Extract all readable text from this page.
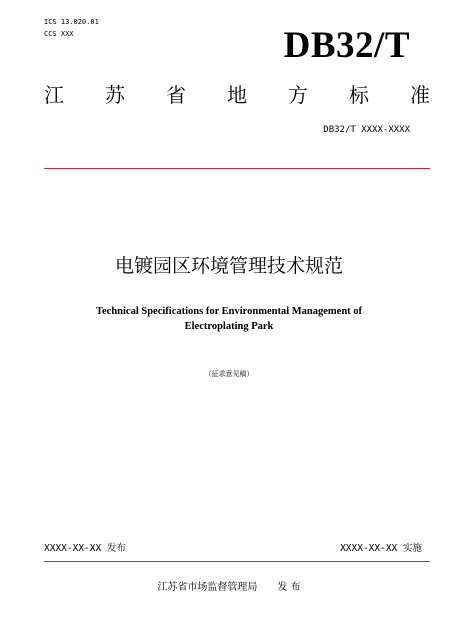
ICS 13.020.01
CCS XXX	DB32/T
江 苏 省 地 方 标 准
DB32/T XXXX-XXXX
电镀园区环境管理技术规范
Technical Specifications for Environmental Management of
Electroplating Park
（征求意见稿）
XXXX-XX-XX 发布	XXXX-XX-XX 实施
江苏省市场监督管理局　　发 布
